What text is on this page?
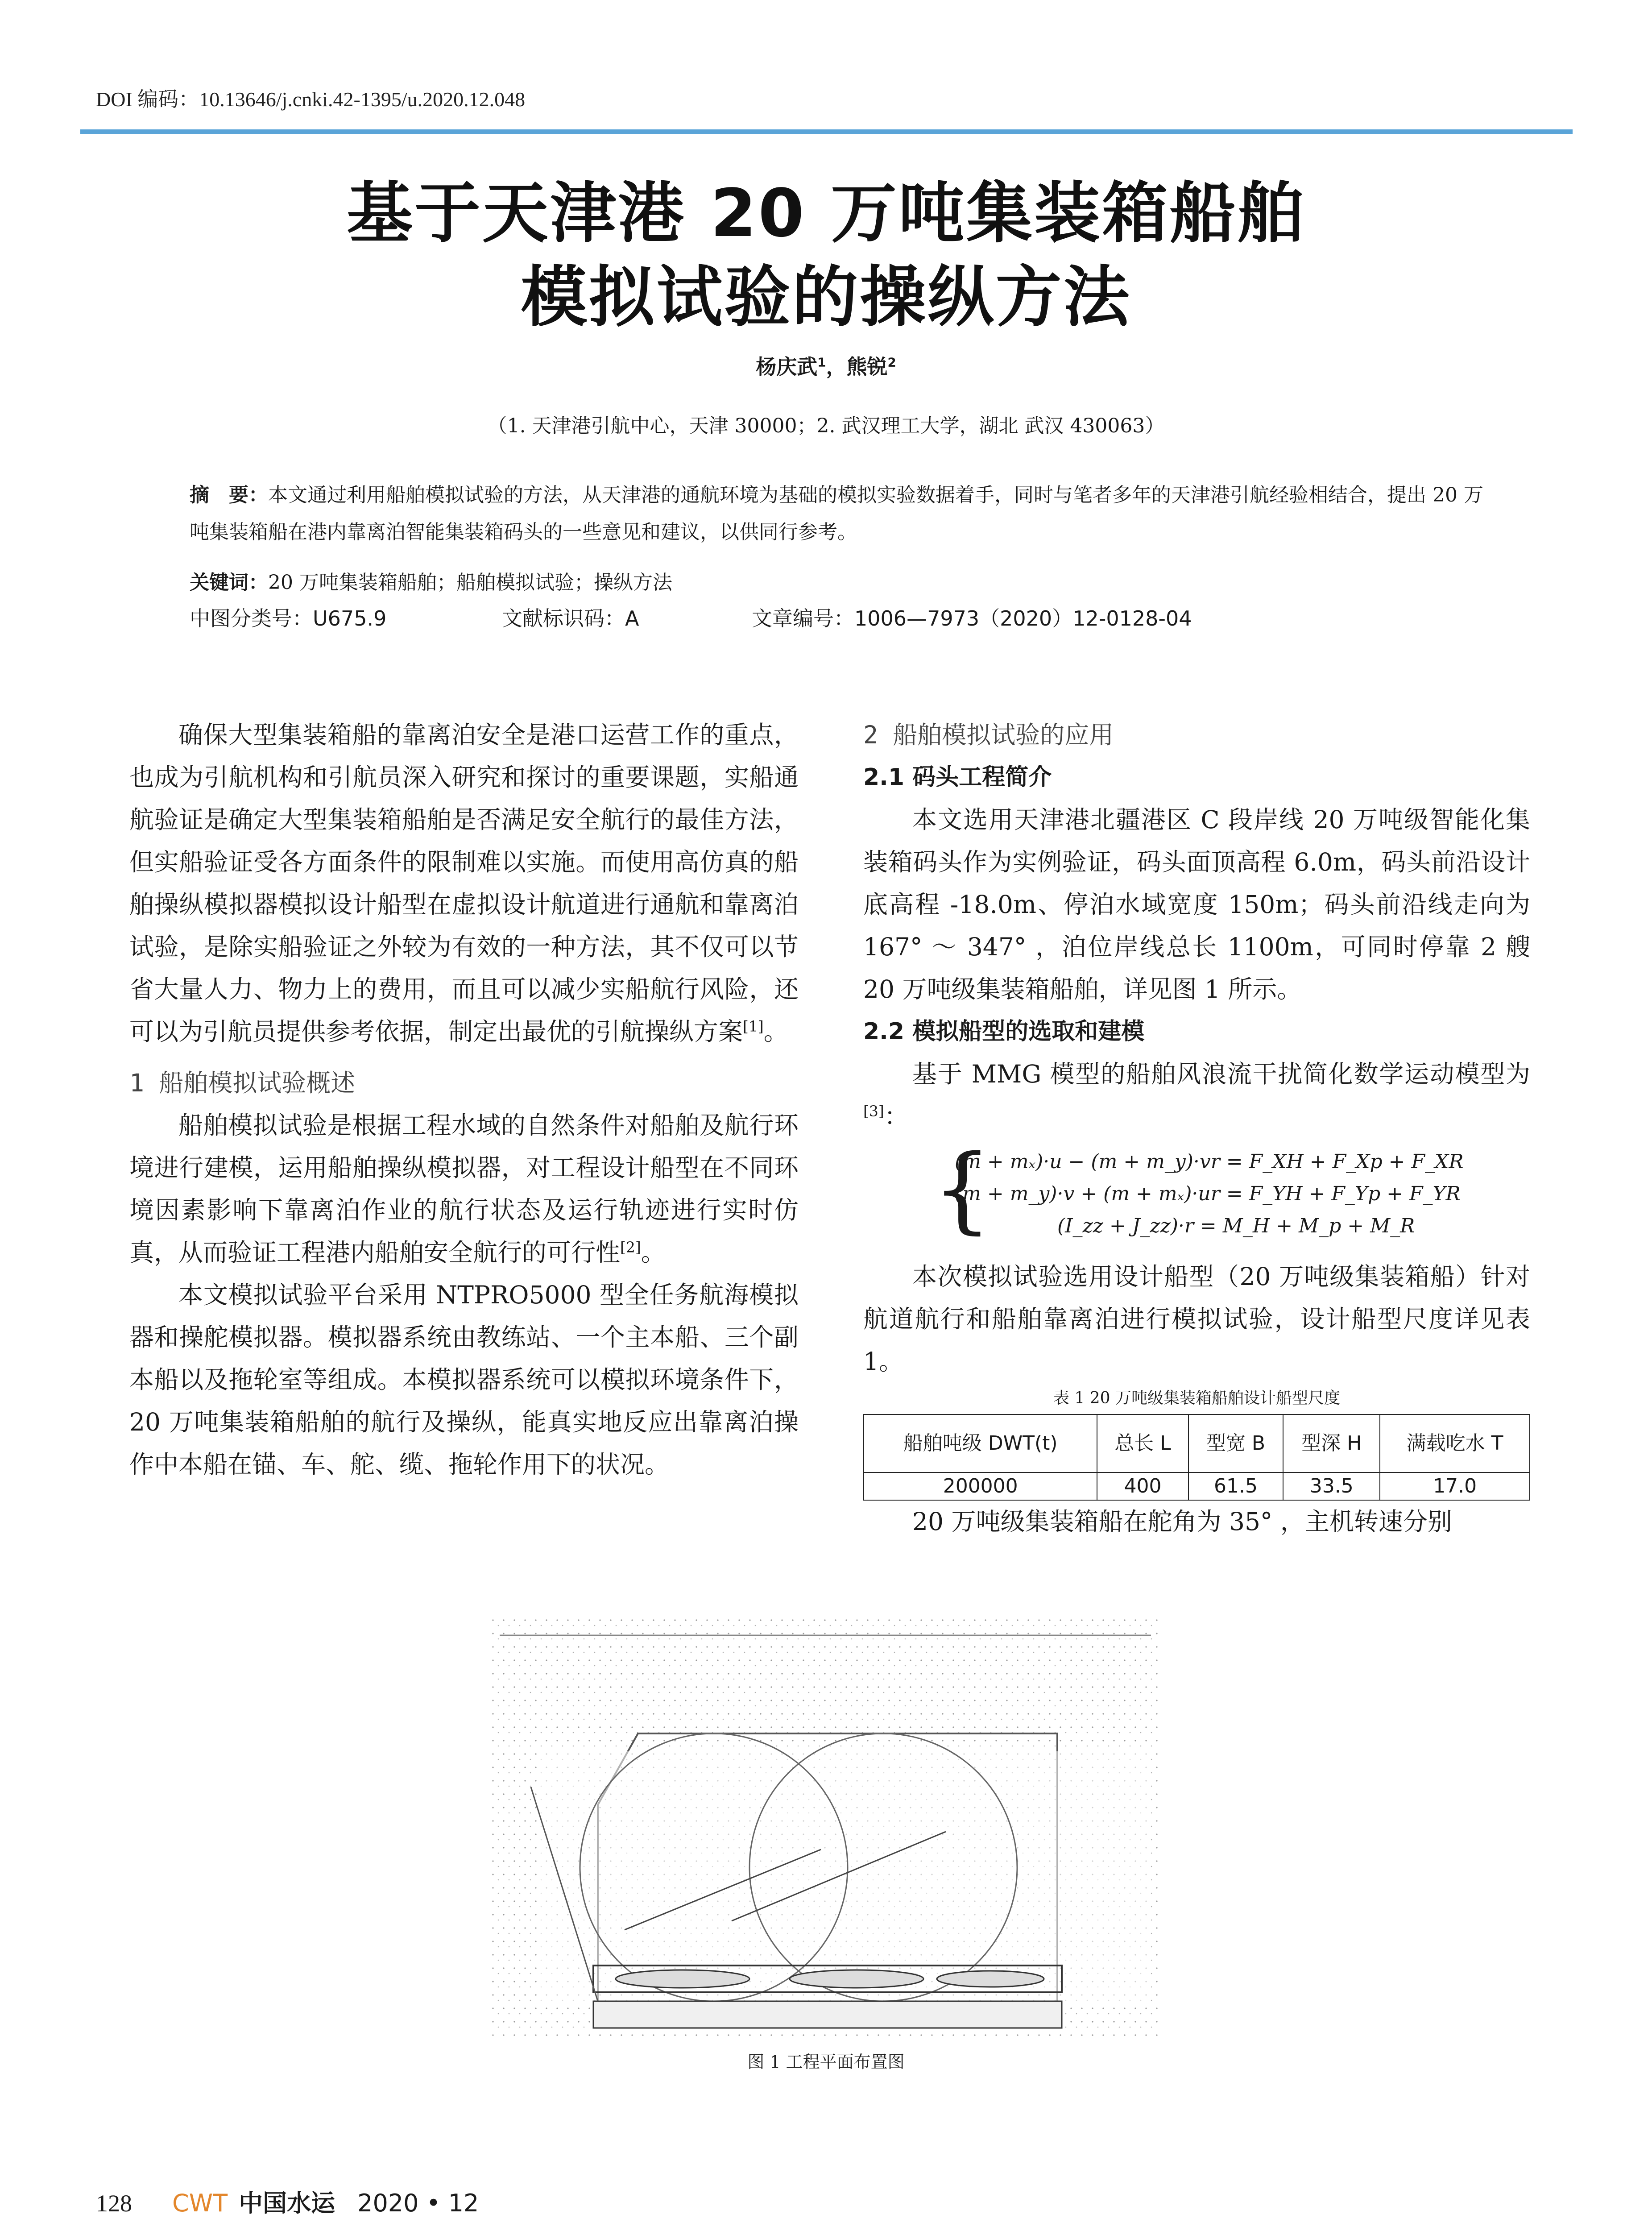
DOI 编码：10.13646/j.cnki.42-1395/u.2020.12.048
基于天津港 20 万吨集装箱船舶
模拟试验的操纵方法
杨庆武$^1$，熊锐$^2$
（1. 天津港引航中心，天津 30000；2. 武汉理工大学，湖北 武汉 430063）
摘　要：本文通过利用船舶模拟试验的方法，从天津港的通航环境为基础的模拟实验数据着手，同时与笔者多年的天津港引航经验相结合，提出 20 万吨集装箱船在港内靠离泊智能集装箱码头的一些意见和建议，以供同行参考。
关键词：20 万吨集装箱船舶；船舶模拟试验；操纵方法
中图分类号：U675.9	文献标识码：A	文章编号：1006—7973（2020）12-0128-04

确保大型集装箱船的靠离泊安全是港口运营工作的重点，也成为引航机构和引航员深入研究和探讨的重要课题，实船通航验证是确定大型集装箱船舶是否满足安全航行的最佳方法，但实船验证受各方面条件的限制难以实施。而使用高仿真的船舶操纵模拟器模拟设计船型在虚拟设计航道进行通航和靠离泊试验，是除实船验证之外较为有效的一种方法，其不仅可以节省大量人力、物力上的费用，而且可以减少实船航行风险，还可以为引航员提供参考依据，制定出最优的引航操纵方案[1]。

1 船舶模拟试验概述

船舶模拟试验是根据工程水域的自然条件对船舶及航行环境进行建模，运用船舶操纵模拟器，对工程设计船型在不同环境因素影响下靠离泊作业的航行状态及运行轨迹进行实时仿真，从而验证工程港内船舶安全航行的可行性[2]。

本文模拟试验平台采用 NTPRO5000 型全任务航海模拟器和操舵模拟器。模拟器系统由教练站、一个主本船、三个副本船以及拖轮室等组成。本模拟器系统可以模拟环境条件下，20 万吨集装箱船舶的航行及操纵，能真实地反应出靠离泊操作中本船在锚、车、舵、缆、拖轮作用下的状况。

2 船舶模拟试验的应用
2.1 码头工程简介

本文选用天津港北疆港区 C 段岸线 20 万吨级智能化集装箱码头作为实例验证，码头面顶高程 6.0m，码头前沿设计底高程 -18.0m、停泊水域宽度 150m；码头前沿线走向为 167° ～ 347° ，泊位岸线总长 1100m，可同时停靠 2 艘 20 万吨级集装箱船舶，详见图 1 所示。

2.2 模拟船型的选取和建模

基于 MMG 模型的船舶风浪流干扰简化数学运动模型为[3]：

{
(m + mₓ)·u − (m + m_y)·vr = F_XH + F_Xp + F_XR
(m + m_y)·v + (m + mₓ)·ur = F_YH + F_Yp + F_YR
(I_zz + J_zz)·r = M_H + M_p + M_R

本次模拟试验选用设计船型（20 万吨级集装箱船）针对航道航行和船舶靠离泊进行模拟试验，设计船型尺度详见表 1。

表 1 20 万吨级集装箱船舶设计船型尺度
船舶吨级 DWT(t)	总长 L	型宽 B	型深 H	满载吃水 T
200000	400	61.5	33.5	17.0

20 万吨级集装箱船在舵角为 35° ，主机转速分别

图 1 工程平面布置图
128 CWT 中国水运 2020 • 12
